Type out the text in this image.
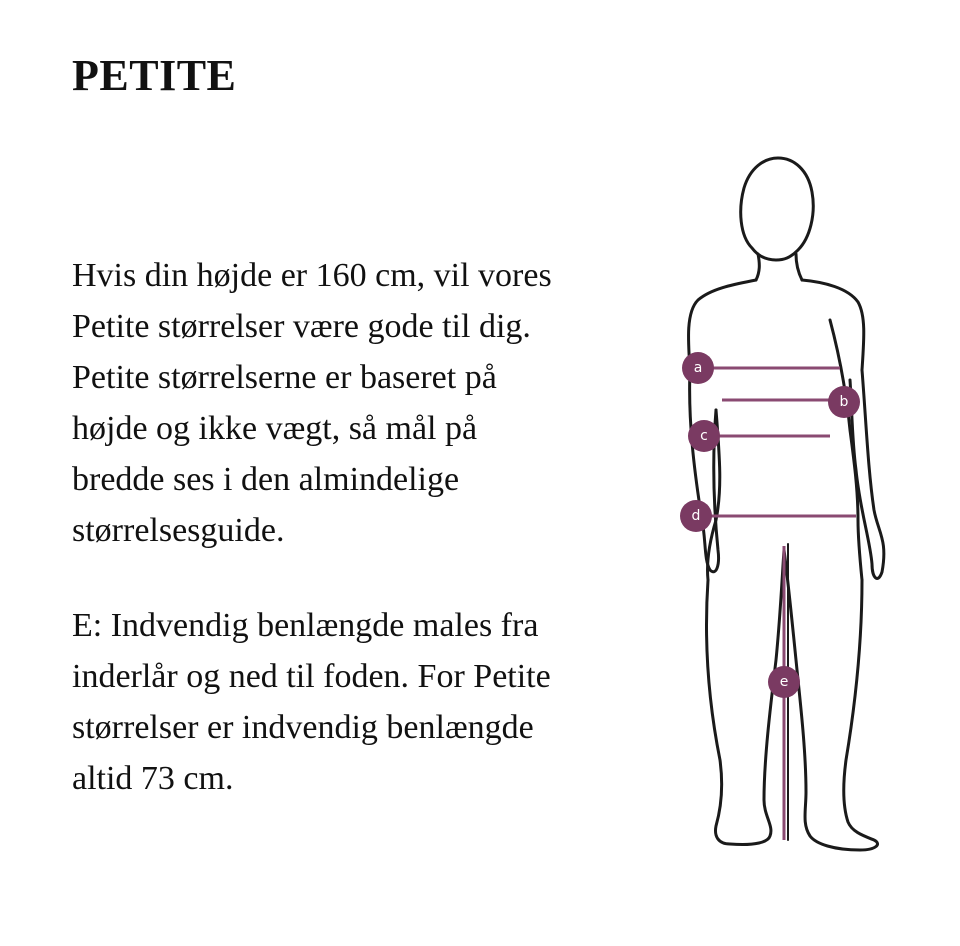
PETITE
Hvis din højde er 160 cm, vil vores
Petite størrelser være gode til dig.
Petite størrelserne er baseret på
højde og ikke vægt, så mål på
bredde ses i den almindelige
størrelsesguide.
E: Indvendig benlængde males fra
inderlår og ned til foden. For Petite
størrelser er indvendig benlængde
altid 73 cm.
a
b
c
d
e
